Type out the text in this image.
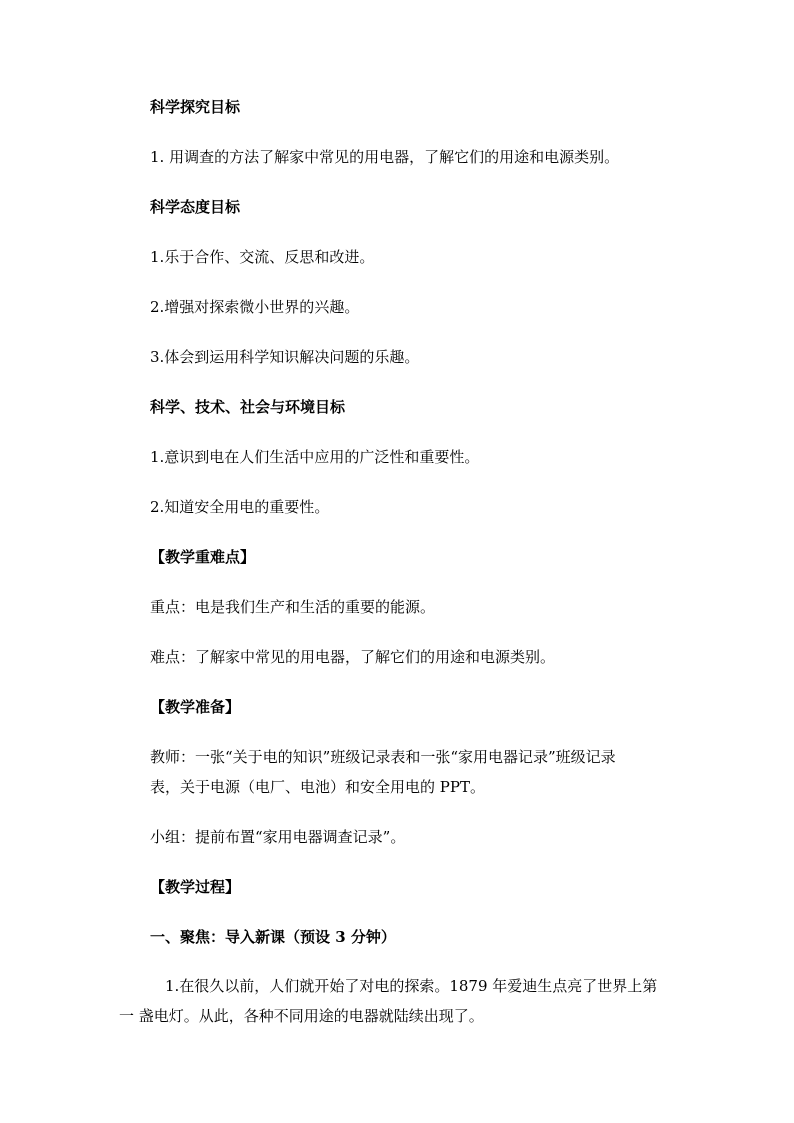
科学探究目标
1. 用调查的方法了解家中常见的用电器，了解它们的用途和电源类别。
科学态度目标
1.乐于合作、交流、反思和改进。
2.增强对探索微小世界的兴趣。
3.体会到运用科学知识解决问题的乐趣。
科学、技术、社会与环境目标
1.意识到电在人们生活中应用的广泛性和重要性。
2.知道安全用电的重要性。
【教学重难点】
重点：电是我们生产和生活的重要的能源。
难点：了解家中常见的用电器，了解它们的用途和电源类别。
【教学准备】
教师：一张“关于电的知识”班级记录表和一张“家用电器记录”班级记录
表，关于电源（电厂、电池）和安全用电的 PPT。
小组：提前布置“家用电器调查记录”。
【教学过程】
一、聚焦：导入新课（预设 3 分钟）
1.在很久以前，人们就开始了对电的探索。1879 年爱迪生点亮了世界上第
一 盏电灯。从此，各种不同用途的电器就陆续出现了。
